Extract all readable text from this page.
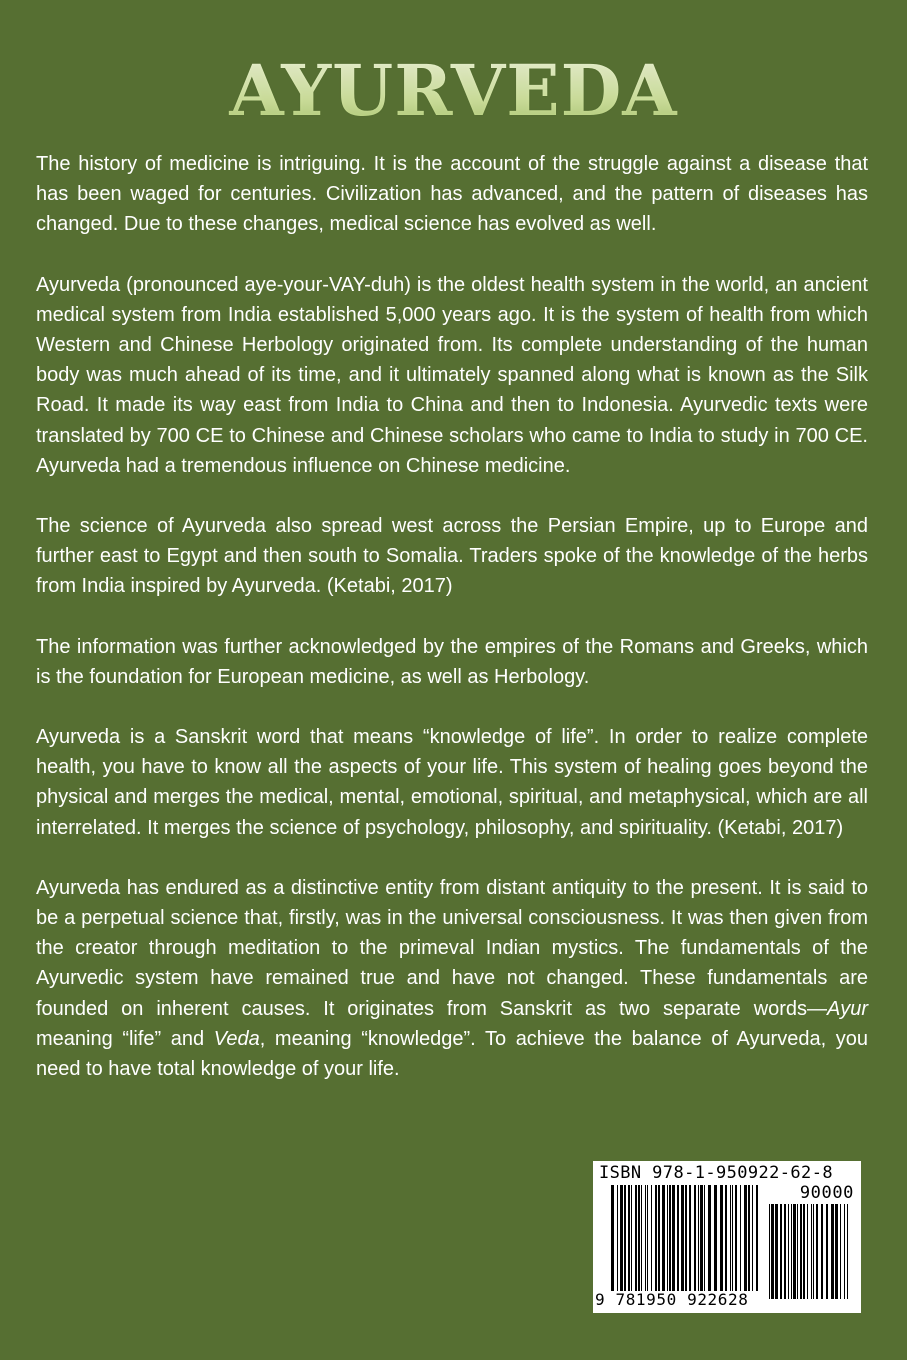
AYURVEDA

The history of medicine is intriguing. It is the account of the struggle against a disease that has been waged for centuries. Civilization has advanced, and the pattern of diseases has changed. Due to these changes, medical science has evolved as well.

Ayurveda (pronounced aye-your-VAY-duh) is the oldest health system in the world, an ancient medical system from India established 5,000 years ago. It is the system of health from which Western and Chinese Herbology originated from. Its complete understanding of the human body was much ahead of its time, and it ultimately spanned along what is known as the Silk Road. It made its way east from India to China and then to Indonesia. Ayurvedic texts were translated by 700 CE to Chinese and Chinese scholars who came to India to study in 700 CE. Ayurveda had a tremendous influence on Chinese medicine.

The science of Ayurveda also spread west across the Persian Empire, up to Europe and further east to Egypt and then south to Somalia. Traders spoke of the knowledge of the herbs from India inspired by Ayurveda. (Ketabi, 2017)

The information was further acknowledged by the empires of the Romans and Greeks, which is the foundation for European medicine, as well as Herbology.

Ayurveda is a Sanskrit word that means “knowledge of life”. In order to realize complete health, you have to know all the aspects of your life. This system of healing goes beyond the physical and merges the medical, mental, emotional, spiritual, and metaphysical, which are all interrelated. It merges the science of psychology, philosophy, and spirituality. (Ketabi, 2017)

Ayurveda has endured as a distinctive entity from distant antiquity to the present. It is said to be a perpetual science that, firstly, was in the universal consciousness. It was then given from the creator through meditation to the primeval Indian mystics. The fundamentals of the Ayurvedic system have remained true and have not changed. These fundamentals are founded on inherent causes. It originates from Sanskrit as two separate words—Ayur meaning “life” and Veda, meaning “knowledge”. To achieve the balance of Ayurveda, you need to have total knowledge of your life.

ISBN 978-1-950922-62-8
90000
9 781950 922628
